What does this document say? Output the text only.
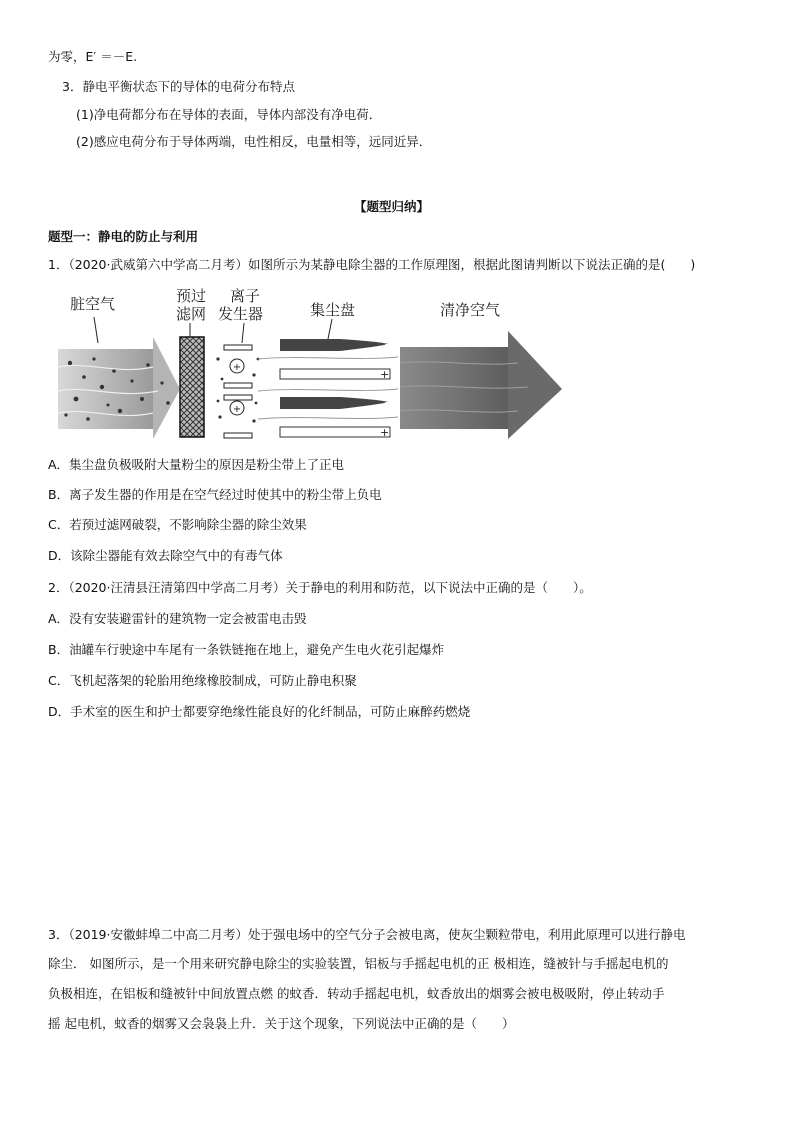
为零，E′ ＝－E.
3．静电平衡状态下的导体的电荷分布特点
(1)净电荷都分布在导体的表面，导体内部没有净电荷．
(2)感应电荷分布于导体两端，电性相反，电量相等，远同近异．
【题型归纳】
题型一：静电的防止与利用
1．（2020·武威第六中学高二月考）如图所示为某静电除尘器的工作原理图，根据此图请判断以下说法正确的是(　　)
+
+
−
+
−
+
脏空气	预过
滤网
离子
发生器	集尘盘	清净空气
A．集尘盘负极吸附大量粉尘的原因是粉尘带上了正电
B．离子发生器的作用是在空气经过时使其中的粉尘带上负电
C．若预过滤网破裂，不影响除尘器的除尘效果
D．该除尘器能有效去除空气中的有毒气体
2．（2020·汪清县汪清第四中学高二月考）关于静电的利用和防范，以下说法中正确的是（　　）。
A．没有安装避雷针的建筑物一定会被雷电击毁
B．油罐车行驶途中车尾有一条铁链拖在地上，避免产生电火花引起爆炸
C．飞机起落架的轮胎用绝缘橡胶制成，可防止静电积聚
D．手术室的医生和护士都要穿绝缘性能良好的化纤制品，可防止麻醉药燃烧
3．（2019·安徽蚌埠二中高二月考）处于强电场中的空气分子会被电离，使灰尘颗粒带电，利用此原理可以进行静电
除尘． 如图所示，是一个用来研究静电除尘的实验装置，铝板与手摇起电机的正 极相连，缝被针与手摇起电机的
负极相连，在铝板和缝被针中间放置点燃 的蚊香．转动手摇起电机，蚊香放出的烟雾会被电极吸附，停止转动手
摇 起电机，蚊香的烟雾又会袅袅上升．关于这个现象，下列说法中正确的是（　　）
